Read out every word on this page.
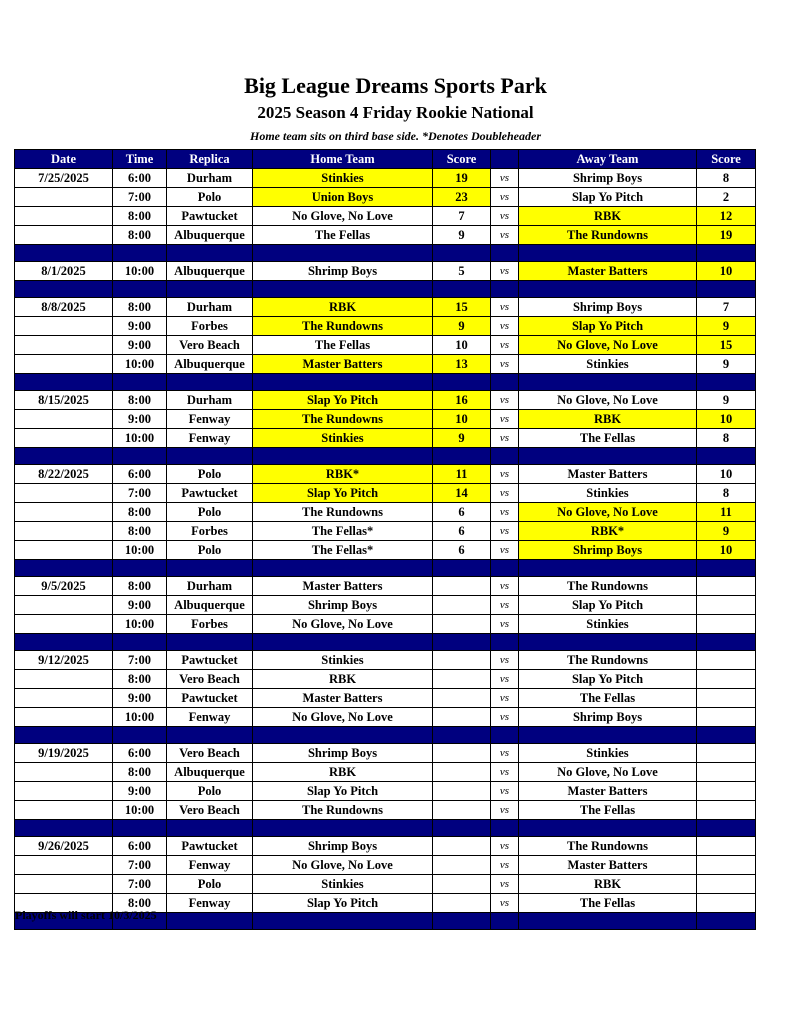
Big League Dreams Sports Park
2025 Season 4 Friday Rookie National
Home team sits on third base side. *Denotes Doubleheader
Date	Time	Replica	Home Team	Score		Away Team	Score
7/25/2025	6:00	Durham	Stinkies	19	vs	Shrimp Boys	8
	7:00	Polo	Union Boys	23	vs	Slap Yo Pitch	2
	8:00	Pawtucket	No Glove, No Love	7	vs	RBK	12
	8:00	Albuquerque	The Fellas	9	vs	The Rundowns	19

8/1/2025	10:00	Albuquerque	Shrimp Boys	5	vs	Master Batters	10

8/8/2025	8:00	Durham	RBK	15	vs	Shrimp Boys	7
	9:00	Forbes	The Rundowns	9	vs	Slap Yo Pitch	9
	9:00	Vero Beach	The Fellas	10	vs	No Glove, No Love	15
	10:00	Albuquerque	Master Batters	13	vs	Stinkies	9

8/15/2025	8:00	Durham	Slap Yo Pitch	16	vs	No Glove, No Love	9
	9:00	Fenway	The Rundowns	10	vs	RBK	10
	10:00	Fenway	Stinkies	9	vs	The Fellas	8

8/22/2025	6:00	Polo	RBK*	11	vs	Master Batters	10
	7:00	Pawtucket	Slap Yo Pitch	14	vs	Stinkies	8
	8:00	Polo	The Rundowns	6	vs	No Glove, No Love	11
	8:00	Forbes	The Fellas*	6	vs	RBK*	9
	10:00	Polo	The Fellas*	6	vs	Shrimp Boys	10

9/5/2025	8:00	Durham	Master Batters		vs	The Rundowns	
	9:00	Albuquerque	Shrimp Boys		vs	Slap Yo Pitch	
	10:00	Forbes	No Glove, No Love		vs	Stinkies	

9/12/2025	7:00	Pawtucket	Stinkies		vs	The Rundowns	
	8:00	Vero Beach	RBK		vs	Slap Yo Pitch	
	9:00	Pawtucket	Master Batters		vs	The Fellas	
	10:00	Fenway	No Glove, No Love		vs	Shrimp Boys	

9/19/2025	6:00	Vero Beach	Shrimp Boys		vs	Stinkies	
	8:00	Albuquerque	RBK		vs	No Glove, No Love	
	9:00	Polo	Slap Yo Pitch		vs	Master Batters	
	10:00	Vero Beach	The Rundowns		vs	The Fellas	

9/26/2025	6:00	Pawtucket	Shrimp Boys		vs	The Rundowns	
	7:00	Fenway	No Glove, No Love		vs	Master Batters	
	7:00	Polo	Stinkies		vs	RBK	
	8:00	Fenway	Slap Yo Pitch		vs	The Fellas	

Playoffs will start 10/3/2025
